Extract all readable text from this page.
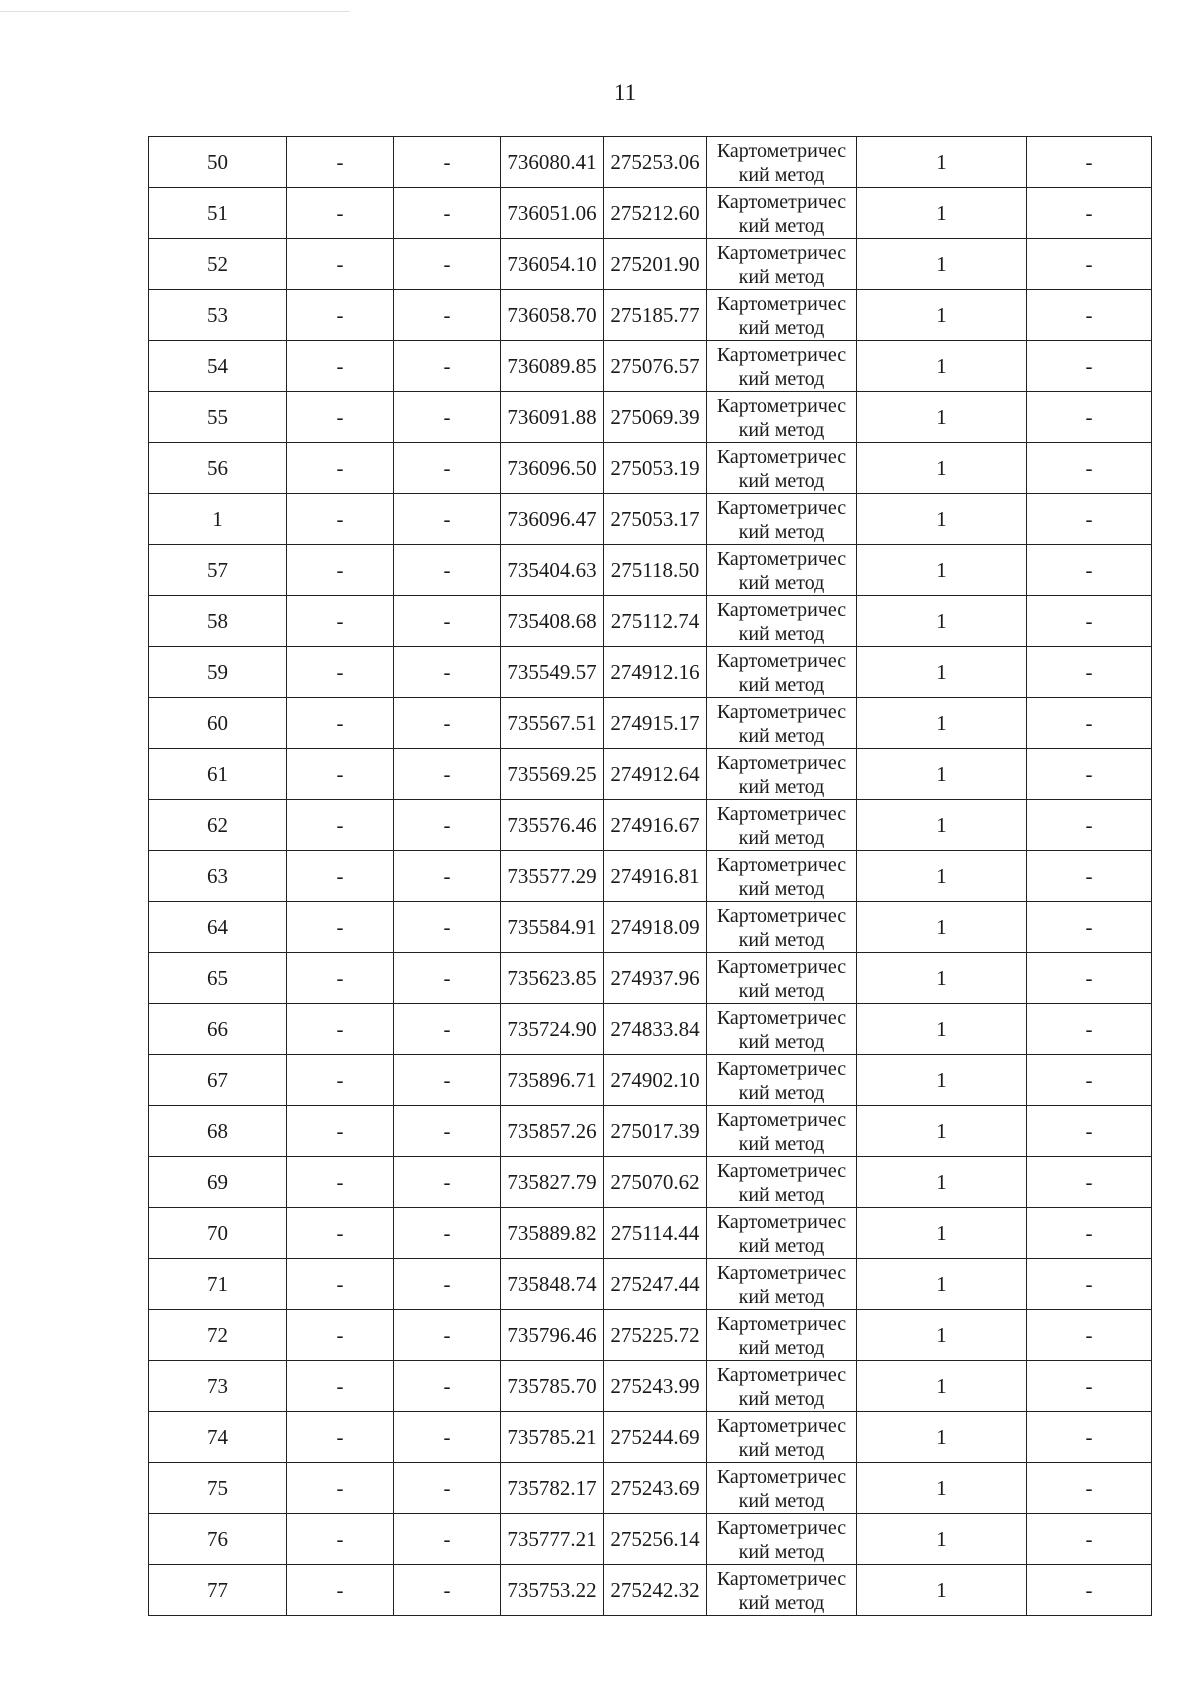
11
50	-	-	736080.41	275253.06	Картометричес
кий метод	1	-
51	-	-	736051.06	275212.60	Картометричес
кий метод	1	-
52	-	-	736054.10	275201.90	Картометричес
кий метод	1	-
53	-	-	736058.70	275185.77	Картометричес
кий метод	1	-
54	-	-	736089.85	275076.57	Картометричес
кий метод	1	-
55	-	-	736091.88	275069.39	Картометричес
кий метод	1	-
56	-	-	736096.50	275053.19	Картометричес
кий метод	1	-
1	-	-	736096.47	275053.17	Картометричес
кий метод	1	-
57	-	-	735404.63	275118.50	Картометричес
кий метод	1	-
58	-	-	735408.68	275112.74	Картометричес
кий метод	1	-
59	-	-	735549.57	274912.16	Картометричес
кий метод	1	-
60	-	-	735567.51	274915.17	Картометричес
кий метод	1	-
61	-	-	735569.25	274912.64	Картометричес
кий метод	1	-
62	-	-	735576.46	274916.67	Картометричес
кий метод	1	-
63	-	-	735577.29	274916.81	Картометричес
кий метод	1	-
64	-	-	735584.91	274918.09	Картометричес
кий метод	1	-
65	-	-	735623.85	274937.96	Картометричес
кий метод	1	-
66	-	-	735724.90	274833.84	Картометричес
кий метод	1	-
67	-	-	735896.71	274902.10	Картометричес
кий метод	1	-
68	-	-	735857.26	275017.39	Картометричес
кий метод	1	-
69	-	-	735827.79	275070.62	Картометричес
кий метод	1	-
70	-	-	735889.82	275114.44	Картометричес
кий метод	1	-
71	-	-	735848.74	275247.44	Картометричес
кий метод	1	-
72	-	-	735796.46	275225.72	Картометричес
кий метод	1	-
73	-	-	735785.70	275243.99	Картометричес
кий метод	1	-
74	-	-	735785.21	275244.69	Картометричес
кий метод	1	-
75	-	-	735782.17	275243.69	Картометричес
кий метод	1	-
76	-	-	735777.21	275256.14	Картометричес
кий метод	1	-
77	-	-	735753.22	275242.32	Картометричес
кий метод	1	-
